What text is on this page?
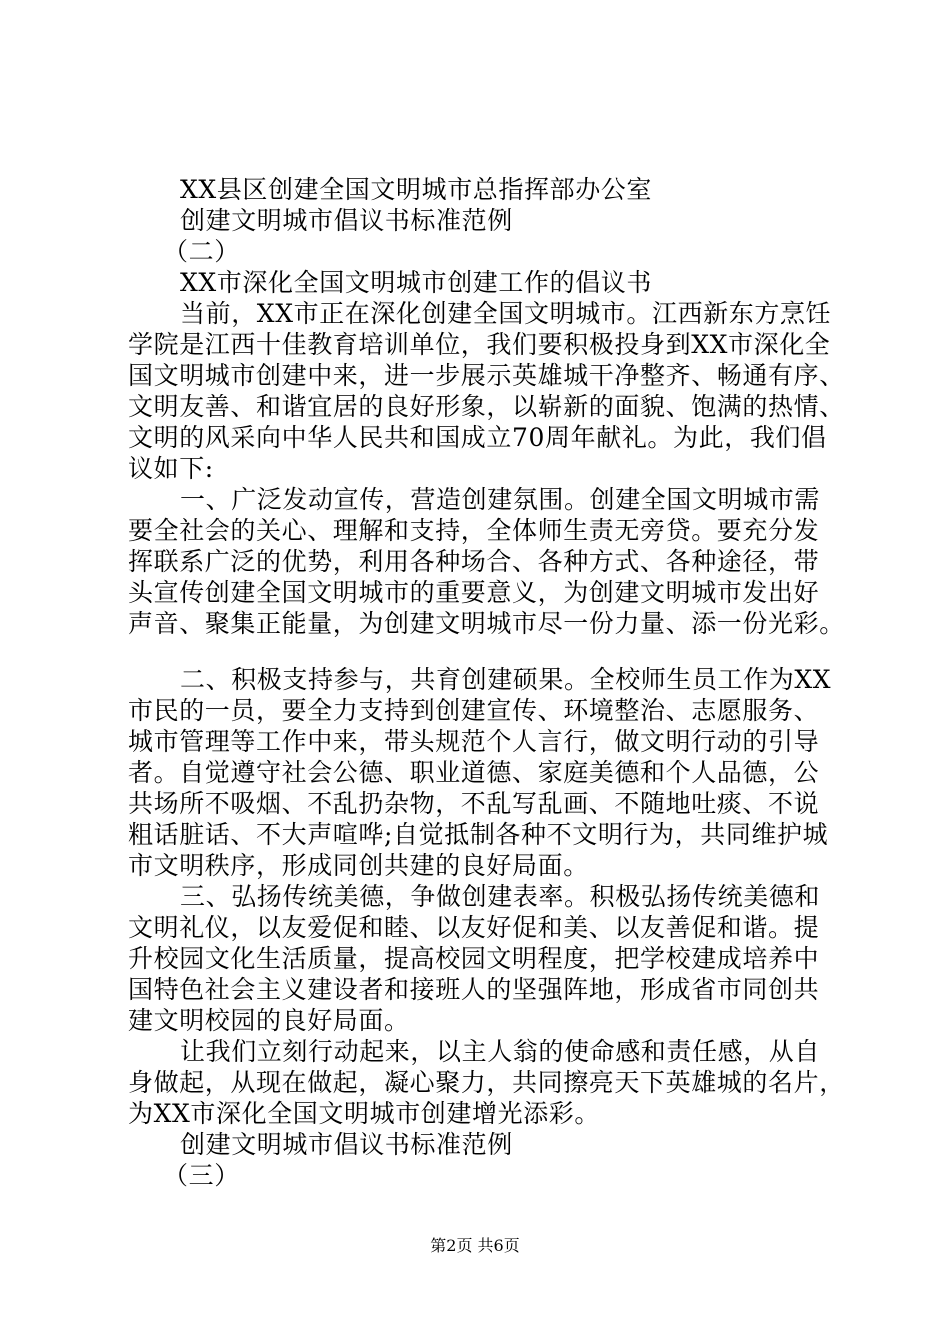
XX县区创建全国文明城市总指挥部办公室

创建文明城市倡议书标准范例

（二）

XX市深化全国文明城市创建工作的倡议书

当前，XX市正在深化创建全国文明城市。江西新东方烹饪

学院是江西十佳教育培训单位，我们要积极投身到XX市深化全

国文明城市创建中来，进一步展示英雄城干净整齐、畅通有序、

文明友善、和谐宜居的良好形象，以崭新的面貌、饱满的热情、

文明的风采向中华人民共和国成立70周年献礼。为此，我们倡

议如下:

一、广泛发动宣传，营造创建氛围。创建全国文明城市需

要全社会的关心、理解和支持，全体师生责无旁贷。要充分发

挥联系广泛的优势，利用各种场合、各种方式、各种途径，带

头宣传创建全国文明城市的重要意义，为创建文明城市发出好

声音、聚集正能量，为创建文明城市尽一份力量、添一份光彩。

二、积极支持参与，共育创建硕果。全校师生员工作为XX

市民的一员，要全力支持到创建宣传、环境整治、志愿服务、

城市管理等工作中来，带头规范个人言行，做文明行动的引导

者。自觉遵守社会公德、职业道德、家庭美德和个人品德，公

共场所不吸烟、不乱扔杂物，不乱写乱画、不随地吐痰、不说

粗话脏话、不大声喧哗;自觉抵制各种不文明行为，共同维护城

市文明秩序，形成同创共建的良好局面。

三、弘扬传统美德，争做创建表率。积极弘扬传统美德和

文明礼仪，以友爱促和睦、以友好促和美、以友善促和谐。提

升校园文化生活质量，提高校园文明程度，把学校建成培养中

国特色社会主义建设者和接班人的坚强阵地，形成省市同创共

建文明校园的良好局面。

让我们立刻行动起来，以主人翁的使命感和责任感，从自

身做起，从现在做起，凝心聚力，共同擦亮天下英雄城的名片，

为XX市深化全国文明城市创建增光添彩。

创建文明城市倡议书标准范例

（三）

第2页 共6页
